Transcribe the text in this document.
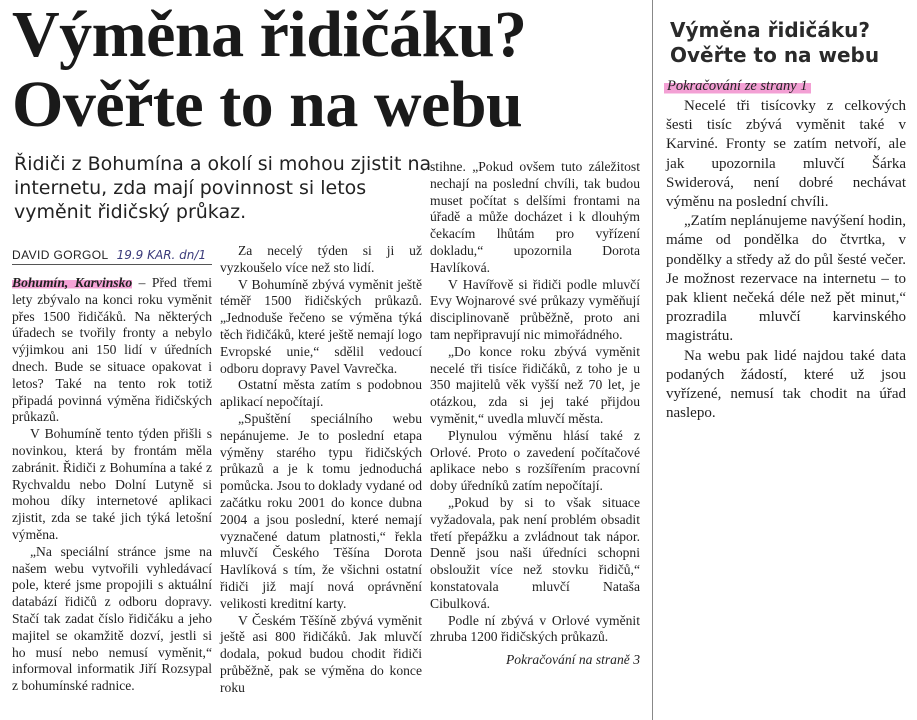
Výměna řidičáku?
Ověřte to na webu

Řidiči z Bohumína a okolí si mohou zjistit na internetu, zda mají povinnost si letos vyměnit řidičský průkaz.

DAVID GORGOL 19.9 KAR. dn/1

Bohumín, Karvinsko – Před třemi lety zbývalo na konci roku vyměnit přes 1500 řidičáků. Na některých úřadech se tvořily fronty a nebylo výjimkou ani 150 lidí v úředních dnech. Bude se situace opakovat i letos? Také na tento rok totiž připadá povinná výměna řidičských průkazů.

V Bohumíně tento týden přišli s novinkou, která by frontám měla zabránit. Řidiči z Bohumína a také z Rychvaldu nebo Dolní Lutyně si mohou díky internetové aplikaci zjistit, zda se také jich týká letošní výměna.

„Na speciální stránce jsme na našem webu vytvořili vyhledávací pole, které jsme propojili s aktuální databází řidičů z odboru dopravy. Stačí tak zadat číslo řidičáku a jeho majitel se okamžitě dozví, jestli si ho musí nebo nemusí vyměnit,“ informoval informatik Jiří Rozsypal z bohumínské radnice.

Za necelý týden si ji už vyzkoušelo více než sto lidí.

V Bohumíně zbývá vyměnit ještě téměř 1500 řidičských průkazů. „Jednoduše řečeno se výměna týká těch řidičáků, které ještě nemají logo Evropské unie,“ sdělil vedoucí odboru dopravy Pavel Vavrečka.

Ostatní města zatím s podobnou aplikací nepočítají.

„Spuštění speciálního webu nepánujeme. Je to poslední etapa výměny starého typu řidičských průkazů a je k tomu jednoduchá pomůcka. Jsou to doklady vydané od začátku roku 2001 do konce dubna 2004 a jsou poslední, které nemají vyznačené datum platnosti,“ řekla mluvčí Českého Těšína Dorota Havlíková s tím, že všichni ostatní řidiči již mají nová oprávnění velikosti kreditní karty.

V Českém Těšíně zbývá vyměnit ještě asi 800 řidičáků. Jak mluvčí dodala, pokud budou chodit řidiči průběžně, pak se výměna do konce roku

stihne. „Pokud ovšem tuto záležitost nechají na poslední chvíli, tak budou muset počítat s delšími frontami na úřadě a může docházet i k dlouhým čekacím lhůtám pro vyřízení dokladu,“ upozornila Dorota Havlíková.

V Havířově si řidiči podle mluvčí Evy Wojnarové své průkazy vyměňují disciplinovaně průběžně, proto ani tam nepřipravují nic mimořádného.

„Do konce roku zbývá vyměnit necelé tři tisíce řidičáků, z toho je u 350 majitelů věk vyšší než 70 let, je otázkou, zda si jej také přijdou vyměnit,“ uvedla mluvčí města.

Plynulou výměnu hlásí také z Orlové. Proto o zavedení počítačové aplikace nebo s rozšířením pracovní doby úředníků zatím nepočítají.

„Pokud by si to však situace vyžadovala, pak není problém obsadit třetí přepážku a zvládnout tak nápor. Denně jsou naši úředníci schopni obsloužit více než stovku řidičů,“ konstatovala mluvčí Nataša Cibulková.

Podle ní zbývá v Orlové vyměnit zhruba 1200 řidičských průkazů.

Pokračování na straně 3

Výměna řidičáku?
Ověřte to na webu
Pokračování ze strany 1

Necelé tři tisícovky z celkových šesti tisíc zbývá vyměnit také v Karviné. Fronty se zatím netvoří, ale jak upozornila mluvčí Šárka Swiderová, není dobré nechávat výměnu na poslední chvíli.

„Zatím neplánujeme navýšení hodin, máme od pondělka do čtvrtka, v pondělky a středy až do půl šesté večer. Je možnost rezervace na internetu – to pak klient nečeká déle než pět minut,“ prozradila mluvčí karvinského magistrátu.

Na webu pak lidé najdou také data podaných žádostí, které už jsou vyřízené, nemusí tak chodit na úřad naslepo.
